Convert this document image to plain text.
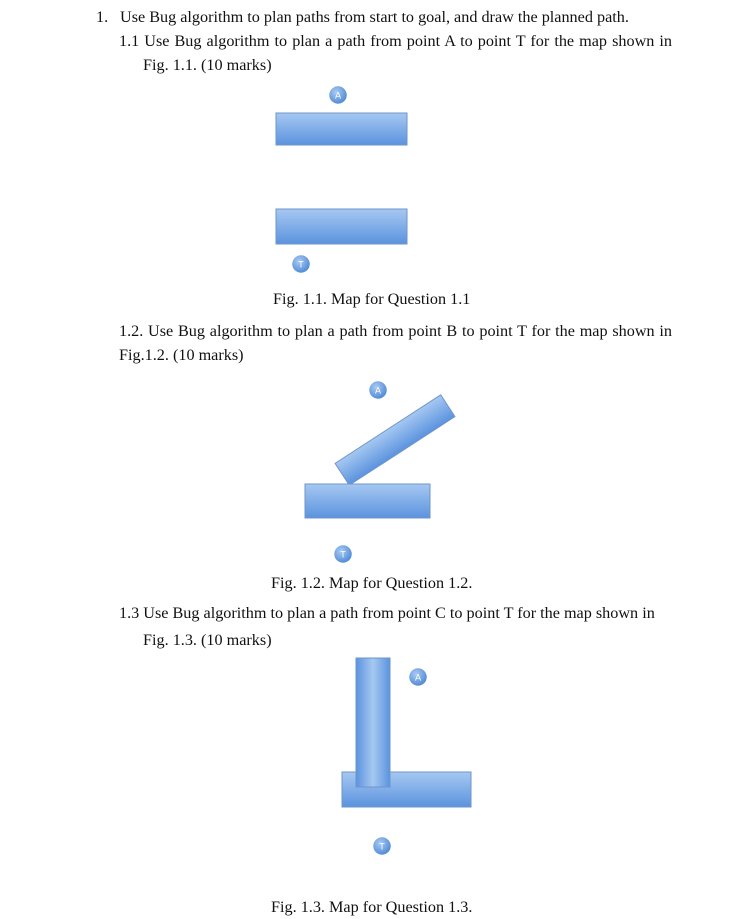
1. Use Bug algorithm to plan paths from start to goal, and draw the planned path.
1.1 Use Bug algorithm to plan a path from point A to point T for the map shown in
Fig. 1.1. (10 marks)
A
T
A
T
A
T
Fig. 1.1. Map for Question 1.1
1.2. Use Bug algorithm to plan a path from point B to point T for the map shown in
Fig.1.2. (10 marks)
Fig. 1.2. Map for Question 1.2.
1.3 Use Bug algorithm to plan a path from point C to point T for the map shown in
Fig. 1.3. (10 marks)
Fig. 1.3. Map for Question 1.3.
